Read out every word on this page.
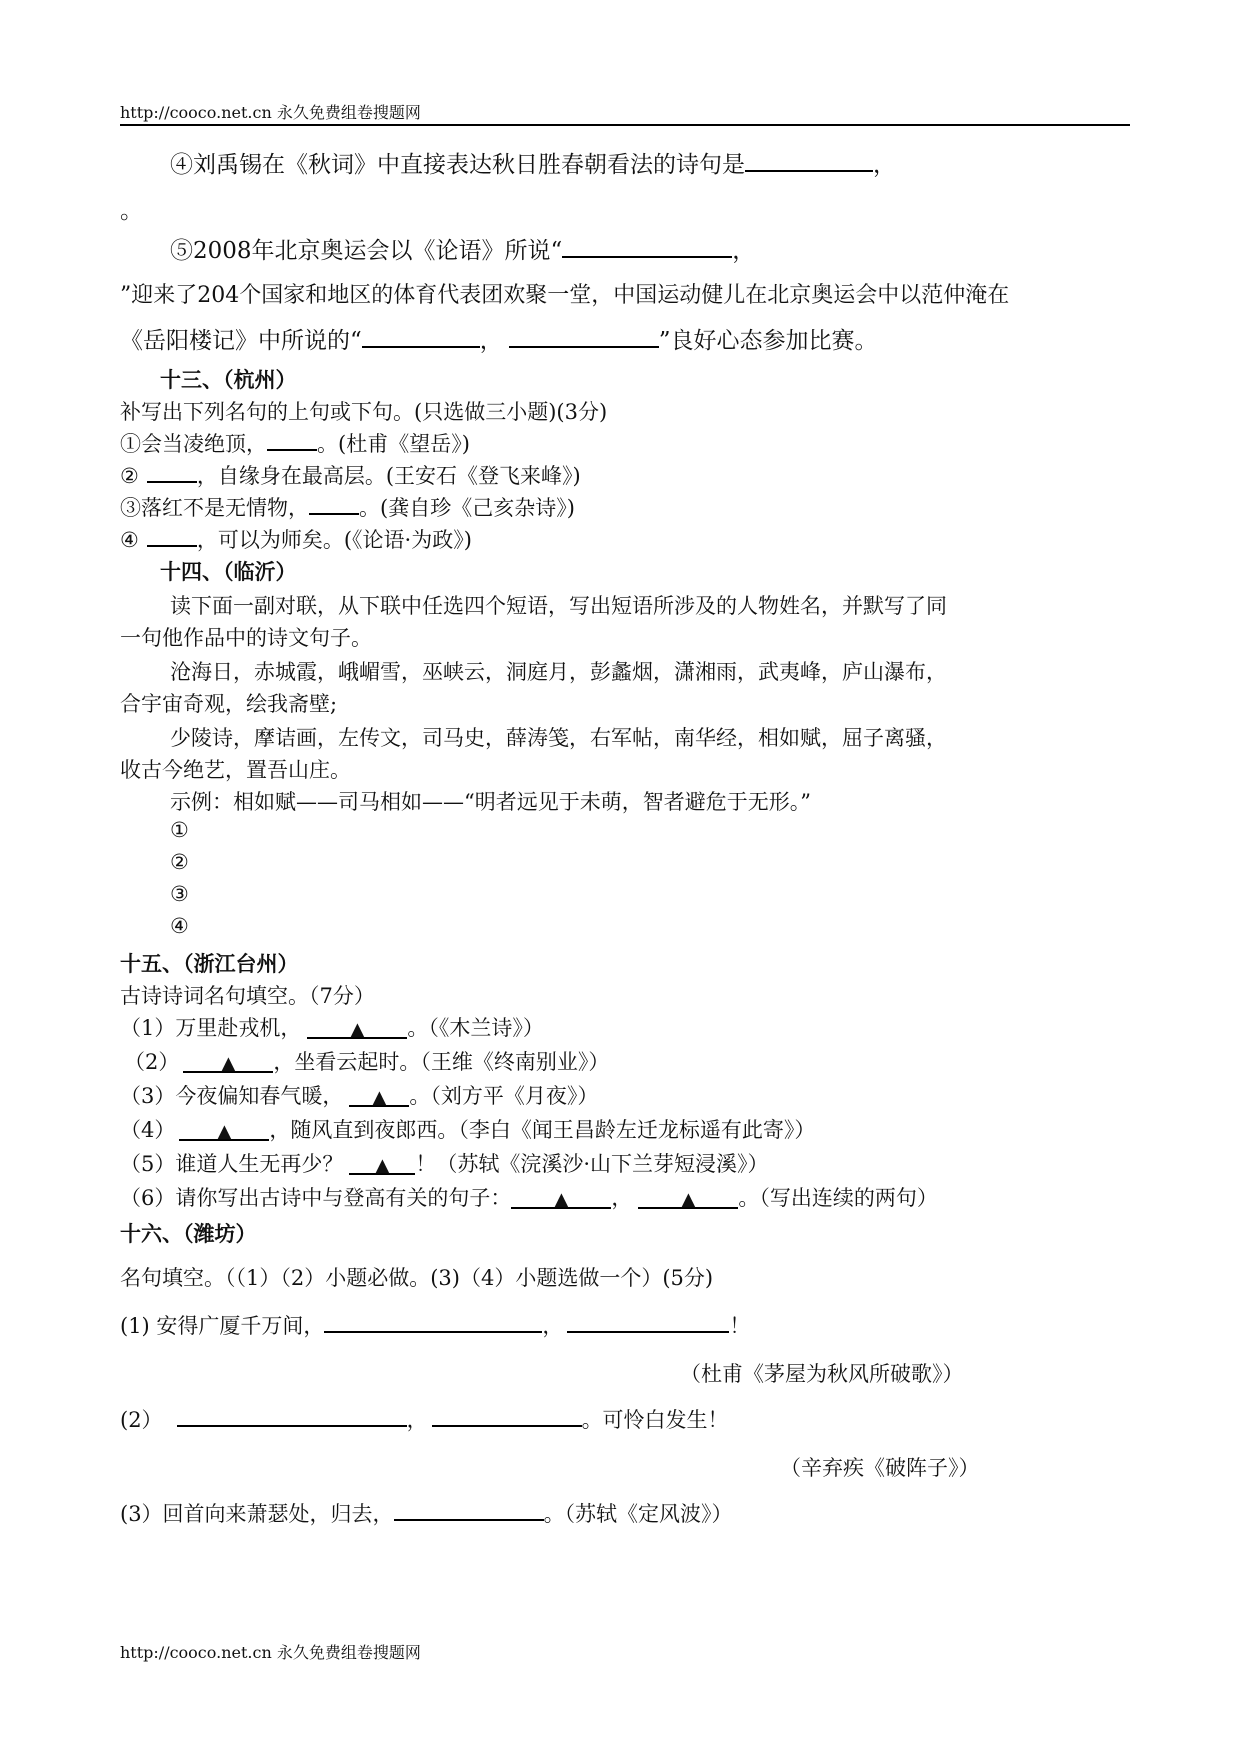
http://cooco.net.cn 永久免费组卷搜题网
④刘禹锡在《秋词》中直接表达秋日胜春朝看法的诗句是	，
。
⑤2008年北京奥运会以《论语》所说“	，
”迎来了204个国家和地区的体育代表团欢聚一堂，中国运动健儿在北京奥运会中以范仲淹在
《岳阳楼记》中所说的“	，	”良好心态参加比赛。
十三、（杭州）
补写出下列名句的上句或下句。(只选做三小题)(3分)
①会当凌绝顶， 。(杜甫《望岳》)
②	，自缘身在最高层。(王安石《登飞来峰》)
③落红不是无情物， 。(龚自珍《己亥杂诗》)
④	，可以为师矣。(《论语·为政》)
十四、（临沂）
读下面一副对联，从下联中任选四个短语，写出短语所涉及的人物姓名，并默写了同
一句他作品中的诗文句子。
沧海日，赤城霞，峨嵋雪，巫峡云，洞庭月，彭蠡烟，潇湘雨，武夷峰，庐山瀑布，
合宇宙奇观，绘我斋壁;
少陵诗，摩诘画，左传文，司马史，薛涛笺，右军帖，南华经，相如赋，屈子离骚，
收古今绝艺，置吾山庄。
示例：相如赋——司马相如——“明者远见于未萌，智者避危于无形。”
①
②
③
④
十五、（浙江台州）
古诗诗词名句填空。（7分）
（1）万里赴戎机，	▲ 。（《木兰诗》）
（2） ▲ ，坐看云起时。（王维《终南别业》）
（3）今夜偏知春气暖， ▲ 。（刘方平《月夜》）
（4） ▲ ，随风直到夜郎西。（李白《闻王昌龄左迁龙标遥有此寄》）
（5）谁道人生无再少？ ▲ ！（苏轼《浣溪沙·山下兰芽短浸溪》）
（6）请你写出古诗中与登高有关的句子： ▲ ，	▲ 。（写出连续的两句）
十六、（潍坊）
名句填空。（（1）（2）小题必做。(3)（4）小题选做一个）(5分)
(1) 安得广厦千万间，	，	！
（杜甫《茅屋为秋风所破歌》）
(2）	，	。可怜白发生！
（辛弃疾《破阵子》）
(3）回首向来萧瑟处，归去，	。（苏轼《定风波》）
http://cooco.net.cn 永久免费组卷搜题网
